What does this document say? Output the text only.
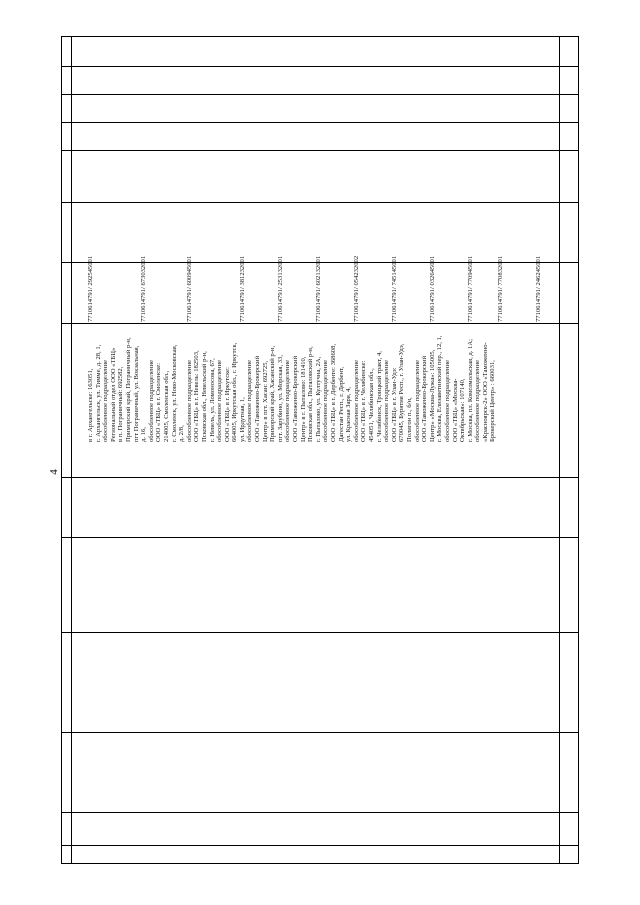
4
в г. Архангельске: 163051, г. Архангельск, ул. Тимме, д. 28, 1, обособленное подразделение Региональный отдел ООО «ТБЦ» в п. Пограничный: 692582, Приморский край, Пограничный р-н, пгт Пограничный, ул. Вокзальная, д. 16, обособленное подразделение ООО «ТБЦ» в г. Смоленске: 214005, Смоленская обл., г. Смоленск, ул. Ново-Московская, д. 2/8, обособленное подразделение ООО «ТБЦ» в г. Невель: 182503, Псковская обл., Невельский р-н, г. Невель, ул. Ломоносова, 67, обособленное подразделение ООО «ТБЦ» в г. Иркутске: 664005, Иркутская обл., г. Иркутск, ул. Ирдутная, 1, обособленное подразделение ООО «Таможенно-Брокерский Центр» в пгт. Хасан: 692725, Приморский край, Хасанский р-н, пгт. Зарубино, ул. Морская, 33, обособленное подразделение ООО «Таможенно-Брокерский Центр» в г. Пыталово: 181410, Псковская обл., Пыталовский р-н, г. Пыталово, ул. Култучна, 2А, обособленное подразделение ООО «ТБЦ» в г. Дербенте: 368608, Дагестан Респ., г. Дербент, ул. Красная Заря, 4, обособленное подразделение ООО «ТБЦ» в г. Челябинске: 454051, Челябинская обл., г. Челябинск, Троицкий тракт, 4, обособленное подразделение ООО «ТБЦ» в г. Улан-Удэ: 670045, Бурятия Респ., г. Улан-Удэ, Полигон п., б/н, обособленное подразделение ООО «Таможенно-Брокерский Центр» «Москва-Лужа»: 105005, г. Москва, Елизаветинский пер., 12, 1, обособленное подразделение ООО «ТБЦ» «Москва- Октябрьская»: 107140, г. Москва, пл. Комсомольская, д. 1А; обособленное подразделение «Красноярск-2» ООО «Таможенно- Брокерский Центр» : 660031,
7710614791/ 292545001	7710614791/ 673032001	7710614791/ 600945001	7710614791/ 381232001	7710614791/ 253132001	7710614791/ 602132001	7710614791/ 054232002	7710614791/ 745145001	7710614791/ 032645001	7710614791/ 770945001	7710614791/ 770832001	7710614791/ 246245001
